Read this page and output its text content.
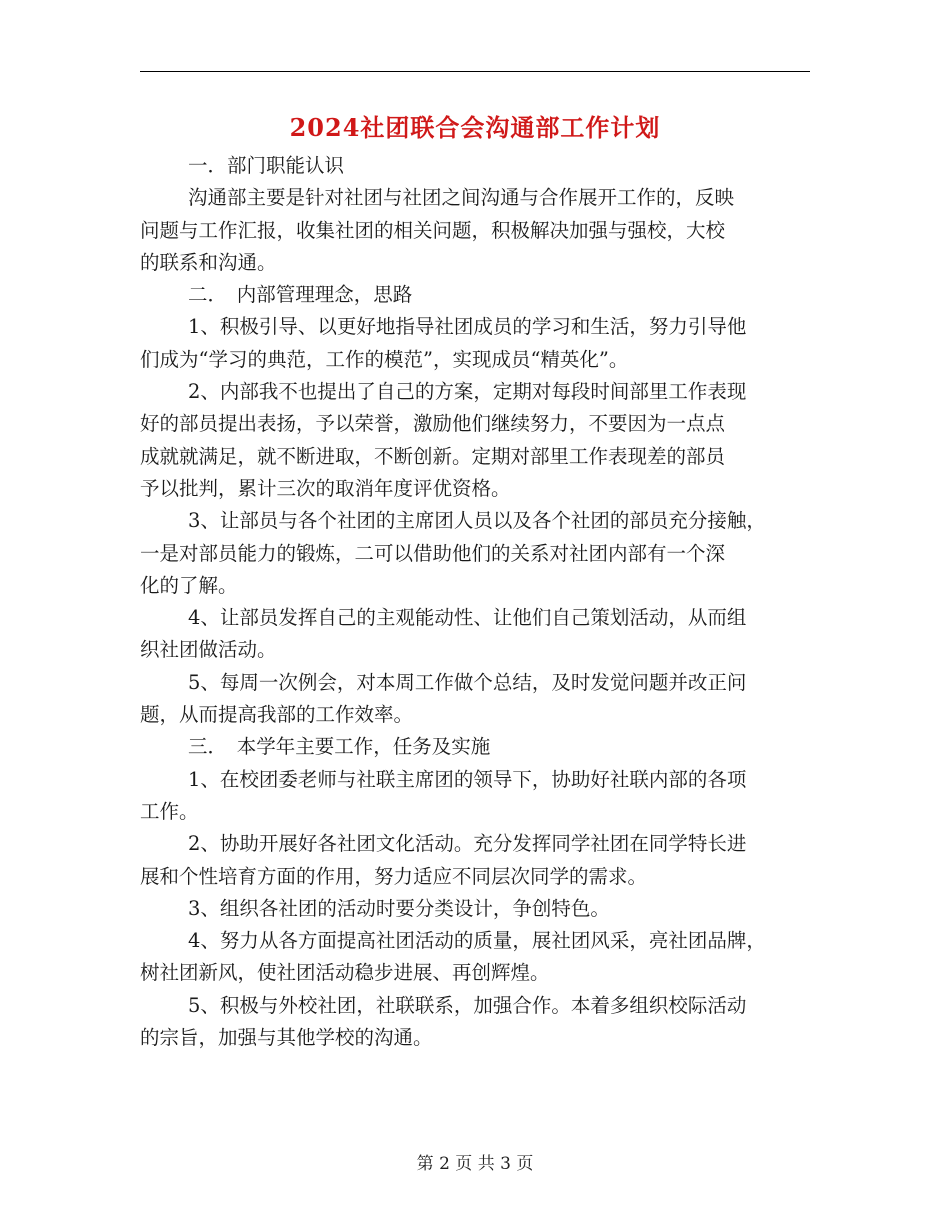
2024社团联合会沟通部工作计划

一．部门职能认识

沟通部主要是针对社团与社团之间沟通与合作展开工作的，反映
问题与工作汇报，收集社团的相关问题，积极解决加强与强校，大校
的联系和沟通。

二．　内部管理理念，思路

1、积极引导、以更好地指导社团成员的学习和生活，努力引导他
们成为“学习的典范，工作的模范”，实现成员“精英化”。

2、内部我不也提出了自己的方案，定期对每段时间部里工作表现
好的部员提出表扬，予以荣誉，激励他们继续努力，不要因为一点点
成就就满足，就不断进取，不断创新。定期对部里工作表现差的部员
予以批判，累计三次的取消年度评优资格。

3、让部员与各个社团的主席团人员以及各个社团的部员充分接触，
一是对部员能力的锻炼，二可以借助他们的关系对社团内部有一个深
化的了解。

4、让部员发挥自己的主观能动性、让他们自己策划活动，从而组
织社团做活动。

5、每周一次例会，对本周工作做个总结，及时发觉问题并改正问
题，从而提高我部的工作效率。

三．　本学年主要工作，任务及实施

1、在校团委老师与社联主席团的领导下，协助好社联内部的各项
工作。

2、协助开展好各社团文化活动。充分发挥同学社团在同学特长进
展和个性培育方面的作用，努力适应不同层次同学的需求。

3、组织各社团的活动时要分类设计，争创特色。

4、努力从各方面提高社团活动的质量，展社团风采，亮社团品牌，
树社团新风，使社团活动稳步进展、再创辉煌。

5、积极与外校社团，社联联系，加强合作。本着多组织校际活动
的宗旨，加强与其他学校的沟通。

第 2 页 共 3 页
